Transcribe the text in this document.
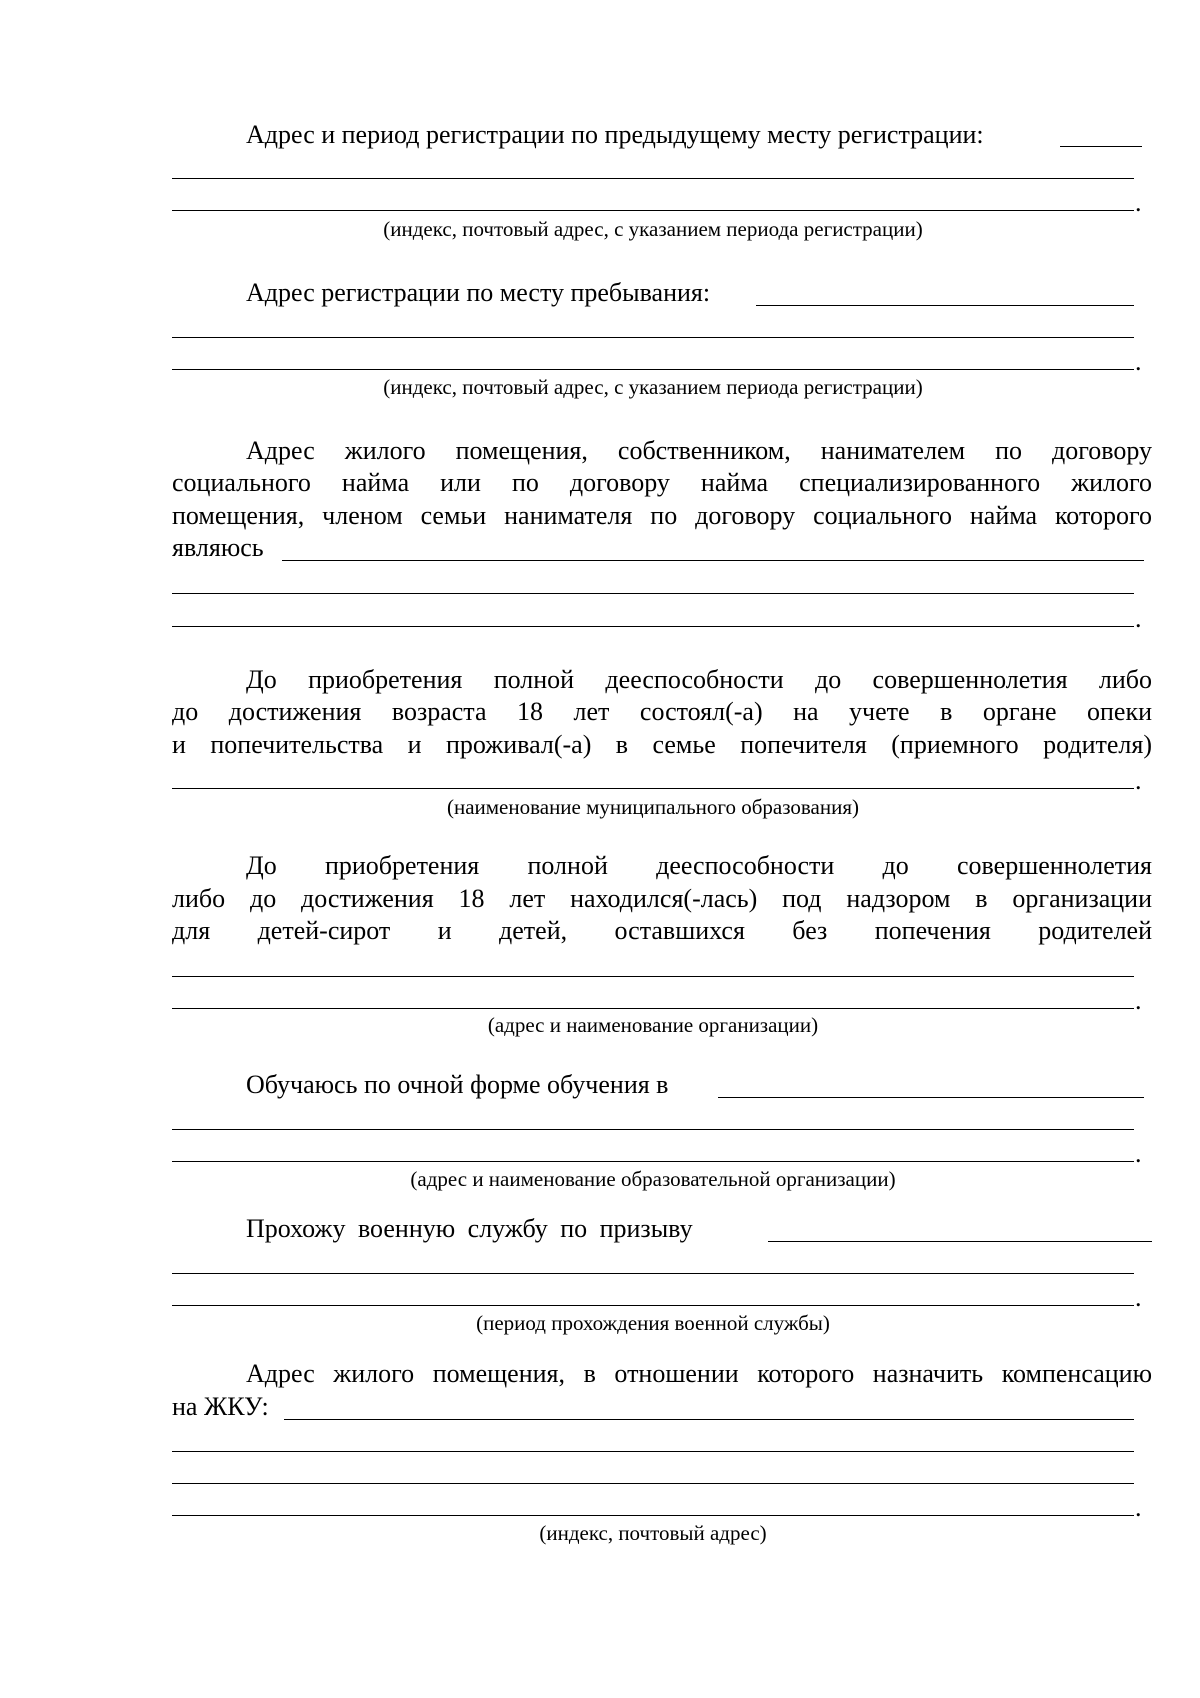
Адрес и период регистрации по предыдущему месту регистрации:
.
(индекс, почтовый адрес, с указанием периода регистрации)
Адрес регистрации по месту пребывания:
.
(индекс, почтовый адрес, с указанием периода регистрации)
Адрес жилого помещения, собственником, нанимателем по договору
социального найма или по договору найма специализированного жилого
помещения, членом семьи нанимателя по договору социального найма которого
являюсь
.
До приобретения полной дееспособности до совершеннолетия либо
до достижения возраста 18 лет состоял(-а) на учете в органе опеки
и попечительства и проживал(-а) в семье попечителя (приемного родителя)
.
(наименование муниципального образования)
До приобретения полной дееспособности до совершеннолетия
либо до достижения 18 лет находился(-лась) под надзором в организации
для детей-сирот и детей, оставшихся без попечения родителей
.
(адрес и наименование организации)
Обучаюсь по очной форме обучения в
.
(адрес и наименование образовательной организации)
Прохожу военную службу по призыву
.
(период прохождения военной службы)
Адрес жилого помещения, в отношении которого назначить компенсацию
на ЖКУ:
.
(индекс, почтовый адрес)
